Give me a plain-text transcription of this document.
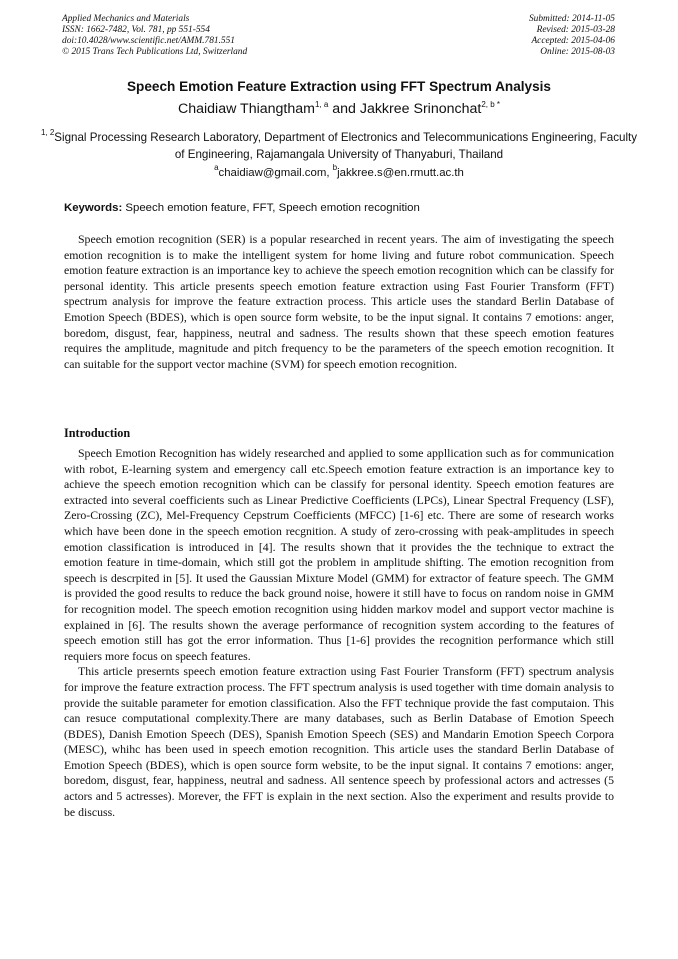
Applied Mechanics and Materials
ISSN: 1662-7482, Vol. 781, pp 551-554
doi:10.4028/www.scientific.net/AMM.781.551
© 2015 Trans Tech Publications Ltd, Switzerland
Submitted: 2014-11-05
Revised: 2015-03-28
Accepted: 2015-04-06
Online: 2015-08-03
Speech Emotion Feature Extraction using FFT Spectrum Analysis
Chaidiaw Thiangtham$^{1, a}$ and Jakkree Srinonchat$^{2, b *}$
$^{1, 2}$Signal Processing Research Laboratory, Department of Electronics and Telecommunications Engineering, Faculty of Engineering, Rajamangala University of Thanyaburi, Thailand
$^a$chaidiaw@gmail.com, $^b$jakkree.s@en.rmutt.ac.th
Keywords: Speech emotion feature, FFT, Speech emotion recognition

Speech emotion recognition (SER) is a popular researched in recent years. The aim of investigating the speech emotion recognition is to make the intelligent system for home living and future robot communication. Speech emotion feature extraction is an importance key to achieve the speech emotion recognition which can be classify for personal identity. This article presents speech emotion feature extraction using Fast Fourier Transform (FFT) spectrum analysis for improve the feature extraction process. This article uses the standard Berlin Database of Emotion Speech (BDES), which is open source form website, to be the input signal. It contains 7 emotions: anger, boredom, disgust, fear, happiness, neutral and sadness. The results shown that these speech emotion features requires the amplitude, magnitude and pitch frequency to be the parameters of the speech emotion recognition. It can suitable for the support vector machine (SVM) for speech emotion recognition.

Introduction

Speech Emotion Recognition has widely researched and applied to some appllication such as for communication with robot, E-learning system and emergency call etc.Speech emotion feature extraction is an importance key to achieve the speech emotion recognition which can be classify for personal identity. Speech emotion features are extracted into several coefficients such as Linear Predictive Coefficients (LPCs), Linear Spectral Frequency (LSF), Zero-Crossing (ZC), Mel-Frequency Cepstrum Coefficients (MFCC) [1-6] etc. There are some of research works which have been done in the speech emotion recgnition. A study of zero-crossing with peak-amplitudes in speech emotion classification is introduced in [4]. The results shown that it provides the the technique to extract the emotion feature in time-domain, which still got the problem in amplitude shifting. The emotion recognition from speech is descrpited in [5]. It used the Gaussian Mixture Model (GMM) for extractor of feature speech. The GMM is provided the good results to reduce the back ground noise, howere it still have to focus on random noise in GMM for recognition model. The speech emotion recognition using hidden markov model and support vector machine is explained in [6]. The results shown the average performance of recognition system according to the features of speech emotion still has got the error information. Thus [1-6] provides the recognition performance which still requiers more focus on speech features.

This article presernts speech emotion feature extraction using Fast Fourier Transform (FFT) spectrum analysis for improve the feature extraction process. The FFT spectrum analysis is used together with time domain analysis to provide the suitable parameter for emotion classification. Also the FFT technique provide the fast computaion. This can resuce computational complexity.There are many databases, such as Berlin Database of Emotion Speech (BDES), Danish Emotion Speech (DES), Spanish Emotion Speech (SES) and Mandarin Emotion Speech Corpora (MESC), whihc has been used in speech emotion recognition. This article uses the standard Berlin Database of Emotion Speech (BDES), which is open source form website, to be the input signal. It contains 7 emotions: anger, boredom, disgust, fear, happiness, neutral and sadness. All sentence speech by professional actors and actresses (5 actors and 5 actresses). Morever, the FFT is explain in the next section. Also the experiment and results provide to be discuss.
